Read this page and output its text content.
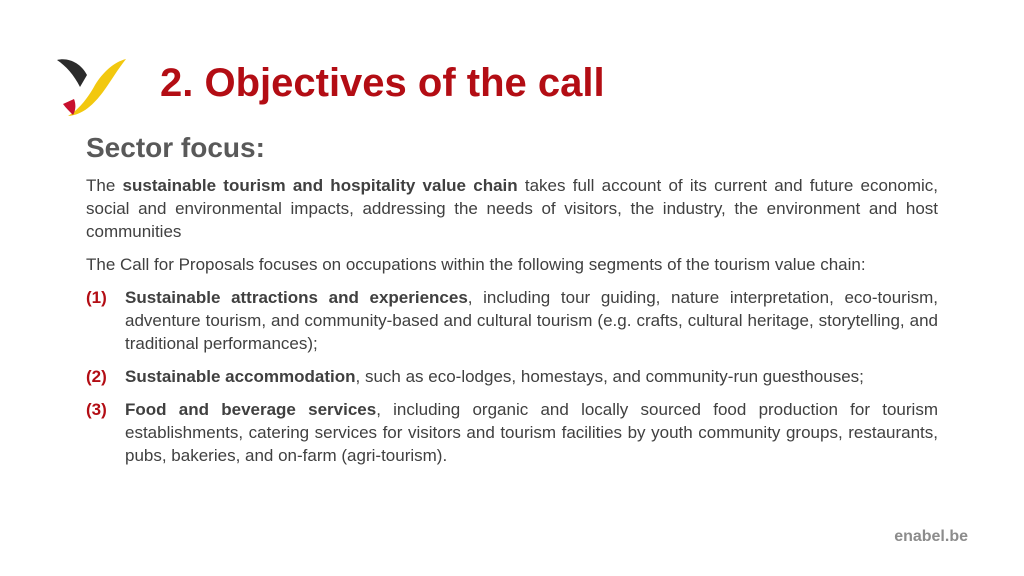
2. Objectives of the call
Sector focus:

The sustainable tourism and hospitality value chain takes full account of its current and future economic, social and environmental impacts, addressing the needs of visitors, the industry, the environment and host communities

The Call for Proposals focuses on occupations within the following segments of the tourism value chain:

(1) Sustainable attractions and experiences, including tour guiding, nature interpretation, eco-tourism, adventure tourism, and community-based and cultural tourism (e.g. crafts, cultural heritage, storytelling, and traditional performances);
(2) Sustainable accommodation, such as eco-lodges, homestays, and community-run guesthouses;
(3) Food and beverage services, including organic and locally sourced food production for tourism establishments, catering services for visitors and tourism facilities by youth community groups, restaurants, pubs, bakeries, and on-farm (agri-tourism).
enabel.be
